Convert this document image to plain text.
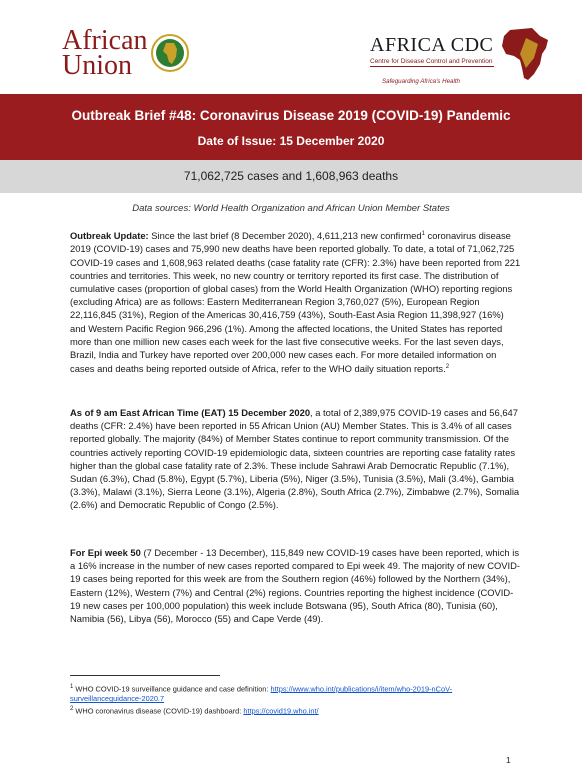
African
Union
AFRICA CDC
Centre for Disease Control and Prevention
Safeguarding Africa's Health
Outbreak Brief #48: Coronavirus Disease 2019 (COVID-19) Pandemic
Date of Issue: 15 December 2020
71,062,725 cases and 1,608,963 deaths
Data sources: World Health Organization and African Union Member States
Outbreak Update: Since the last brief (8 December 2020), 4,611,213 new confirmed$^1$ coronavirus disease 2019 (COVID-19) cases and 75,990 new deaths have been reported globally. To date, a total of 71,062,725 COVID-19 cases and 1,608,963 related deaths (case fatality rate (CFR): 2.3%) have been reported from 221 countries and territories. This week, no new country or territory reported its first case. The distribution of cumulative cases (proportion of global cases) from the World Health Organization (WHO) reporting regions (excluding Africa) are as follows: Eastern Mediterranean Region 3,760,027 (5%), European Region 22,116,845 (31%), Region of the Americas 30,416,759 (43%), South-East Asia Region 11,398,927 (16%) and Western Pacific Region 966,296 (1%). Among the affected locations, the United States has reported more than one million new cases each week for the last five consecutive weeks. For the last seven days, Brazil, India and Turkey have reported over 200,000 new cases each. For more detailed information on cases and deaths being reported outside of Africa, refer to the WHO daily situation reports.$^2$
As of 9 am East African Time (EAT) 15 December 2020, a total of 2,389,975 COVID-19 cases and 56,647 deaths (CFR: 2.4%) have been reported in 55 African Union (AU) Member States. This is 3.4% of all cases reported globally. The majority (84%) of Member States continue to report community transmission. Of the countries actively reporting COVID-19 epidemiologic data, sixteen countries are reporting case fatality rates higher than the global case fatality rate of 2.3%. These include Sahrawi Arab Democratic Republic (7.1%), Sudan (6.3%), Chad (5.8%), Egypt (5.7%), Liberia (5%), Niger (3.5%), Tunisia (3.5%), Mali (3.4%), Gambia (3.3%), Malawi (3.1%), Sierra Leone (3.1%), Algeria (2.8%), South Africa (2.7%), Zimbabwe (2.7%), Somalia (2.6%) and Democratic Republic of Congo (2.5%).
For Epi week 50 (7 December - 13 December), 115,849 new COVID-19 cases have been reported, which is a 16% increase in the number of new cases reported compared to Epi week 49. The majority of new COVID-19 cases being reported for this week are from the Southern region (46%) followed by the Northern (34%), Eastern (12%), Western (7%) and Central (2%) regions. Countries reporting the highest incidence (COVID-19 new cases per 100,000 population) this week include Botswana (95), South Africa (80), Tunisia (60), Namibia (56), Libya (56), Morocco (55) and Cape Verde (49).
$^1$ WHO COVID-19 surveillance guidance and case definition: https://www.who.int/publications/i/item/who-2019-nCoV-surveillanceguidance-2020.7
$^2$ WHO coronavirus disease (COVID-19) dashboard: https://covid19.who.int/
1
